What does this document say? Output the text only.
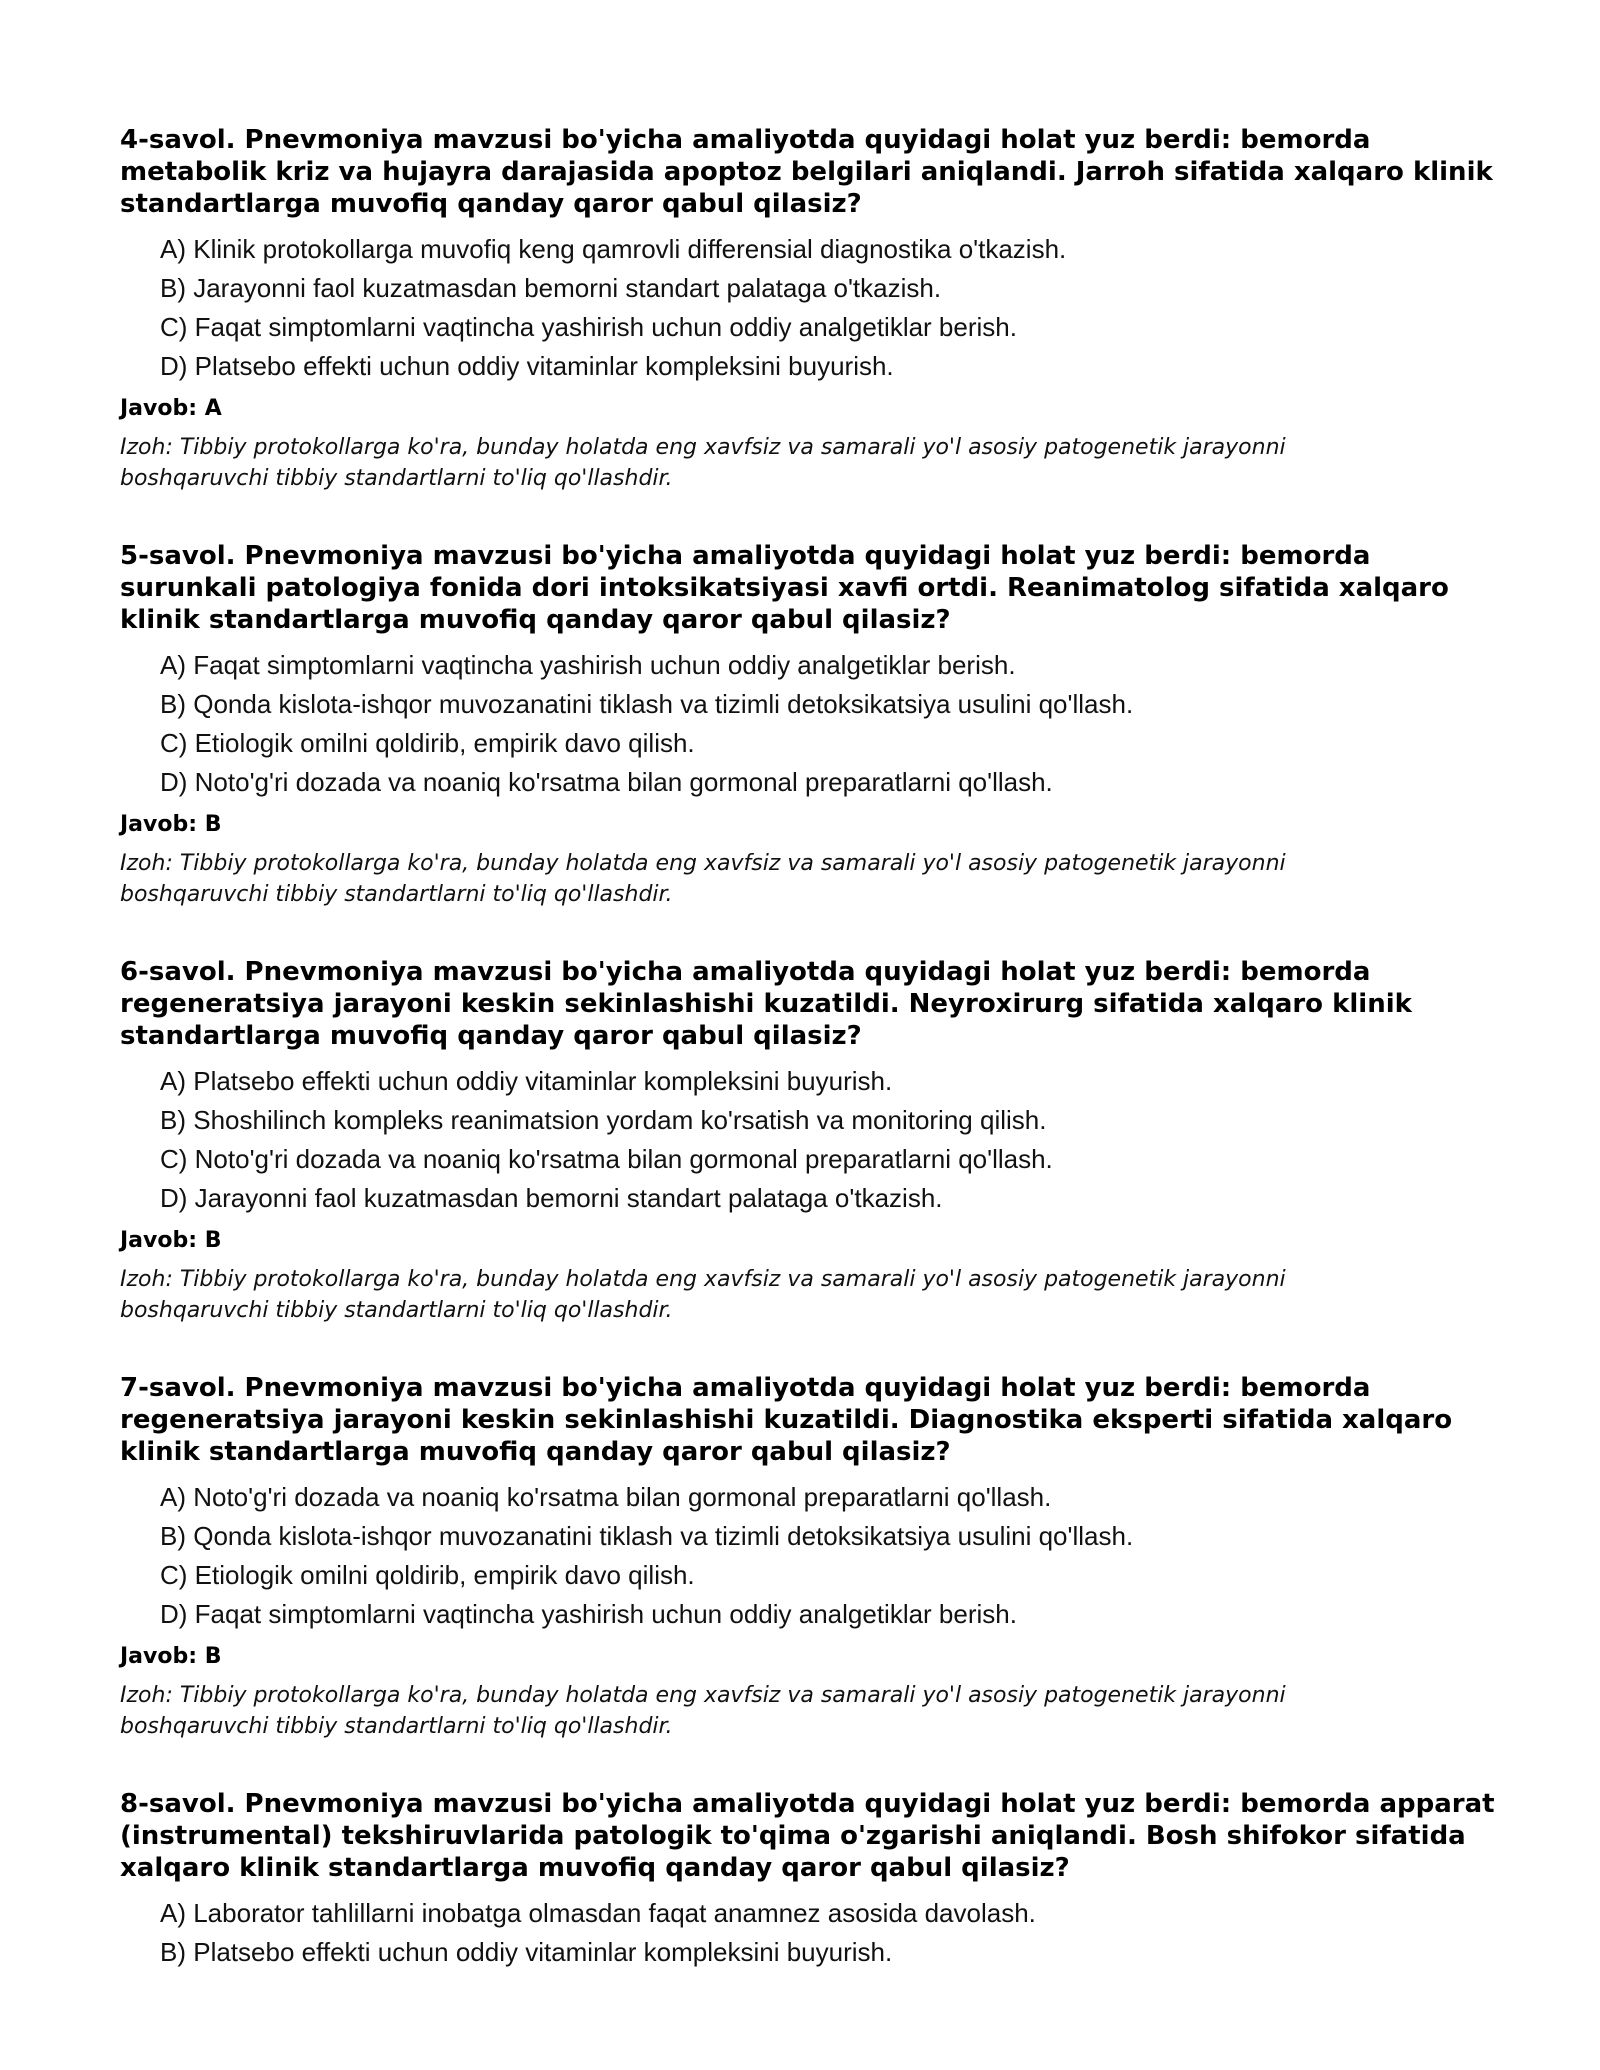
4-savol. Pnevmoniya mavzusi bo'yicha amaliyotda quyidagi holat yuz berdi: bemorda metabolik kriz va hujayra darajasida apoptoz belgilari aniqlandi. Jarroh sifatida xalqaro klinik standartlarga muvofiq qanday qaror qabul qilasiz?
A) Klinik protokollarga muvofiq keng qamrovli differensial diagnostika o'tkazish.
B) Jarayonni faol kuzatmasdan bemorni standart palataga o'tkazish.
C) Faqat simptomlarni vaqtincha yashirish uchun oddiy analgetiklar berish.
D) Platsebo effekti uchun oddiy vitaminlar kompleksini buyurish.
Javob: A
Izoh: Tibbiy protokollarga ko'ra, bunday holatda eng xavfsiz va samarali yo'l asosiy patogenetik jarayonni boshqaruvchi tibbiy standartlarni to'liq qo'llashdir.
5-savol. Pnevmoniya mavzusi bo'yicha amaliyotda quyidagi holat yuz berdi: bemorda surunkali patologiya fonida dori intoksikatsiyasi xavfi ortdi. Reanimatolog sifatida xalqaro klinik standartlarga muvofiq qanday qaror qabul qilasiz?
A) Faqat simptomlarni vaqtincha yashirish uchun oddiy analgetiklar berish.
B) Qonda kislota-ishqor muvozanatini tiklash va tizimli detoksikatsiya usulini qo'llash.
C) Etiologik omilni qoldirib, empirik davo qilish.
D) Noto'g'ri dozada va noaniq ko'rsatma bilan gormonal preparatlarni qo'llash.
Javob: B
Izoh: Tibbiy protokollarga ko'ra, bunday holatda eng xavfsiz va samarali yo'l asosiy patogenetik jarayonni boshqaruvchi tibbiy standartlarni to'liq qo'llashdir.
6-savol. Pnevmoniya mavzusi bo'yicha amaliyotda quyidagi holat yuz berdi: bemorda regeneratsiya jarayoni keskin sekinlashishi kuzatildi. Neyroxirurg sifatida xalqaro klinik standartlarga muvofiq qanday qaror qabul qilasiz?
A) Platsebo effekti uchun oddiy vitaminlar kompleksini buyurish.
B) Shoshilinch kompleks reanimatsion yordam ko'rsatish va monitoring qilish.
C) Noto'g'ri dozada va noaniq ko'rsatma bilan gormonal preparatlarni qo'llash.
D) Jarayonni faol kuzatmasdan bemorni standart palataga o'tkazish.
Javob: B
Izoh: Tibbiy protokollarga ko'ra, bunday holatda eng xavfsiz va samarali yo'l asosiy patogenetik jarayonni boshqaruvchi tibbiy standartlarni to'liq qo'llashdir.
7-savol. Pnevmoniya mavzusi bo'yicha amaliyotda quyidagi holat yuz berdi: bemorda regeneratsiya jarayoni keskin sekinlashishi kuzatildi. Diagnostika eksperti sifatida xalqaro klinik standartlarga muvofiq qanday qaror qabul qilasiz?
A) Noto'g'ri dozada va noaniq ko'rsatma bilan gormonal preparatlarni qo'llash.
B) Qonda kislota-ishqor muvozanatini tiklash va tizimli detoksikatsiya usulini qo'llash.
C) Etiologik omilni qoldirib, empirik davo qilish.
D) Faqat simptomlarni vaqtincha yashirish uchun oddiy analgetiklar berish.
Javob: B
Izoh: Tibbiy protokollarga ko'ra, bunday holatda eng xavfsiz va samarali yo'l asosiy patogenetik jarayonni boshqaruvchi tibbiy standartlarni to'liq qo'llashdir.
8-savol. Pnevmoniya mavzusi bo'yicha amaliyotda quyidagi holat yuz berdi: bemorda apparat (instrumental) tekshiruvlarida patologik to'qima o'zgarishi aniqlandi. Bosh shifokor sifatida xalqaro klinik standartlarga muvofiq qanday qaror qabul qilasiz?
A) Laborator tahlillarni inobatga olmasdan faqat anamnez asosida davolash.
B) Platsebo effekti uchun oddiy vitaminlar kompleksini buyurish.
